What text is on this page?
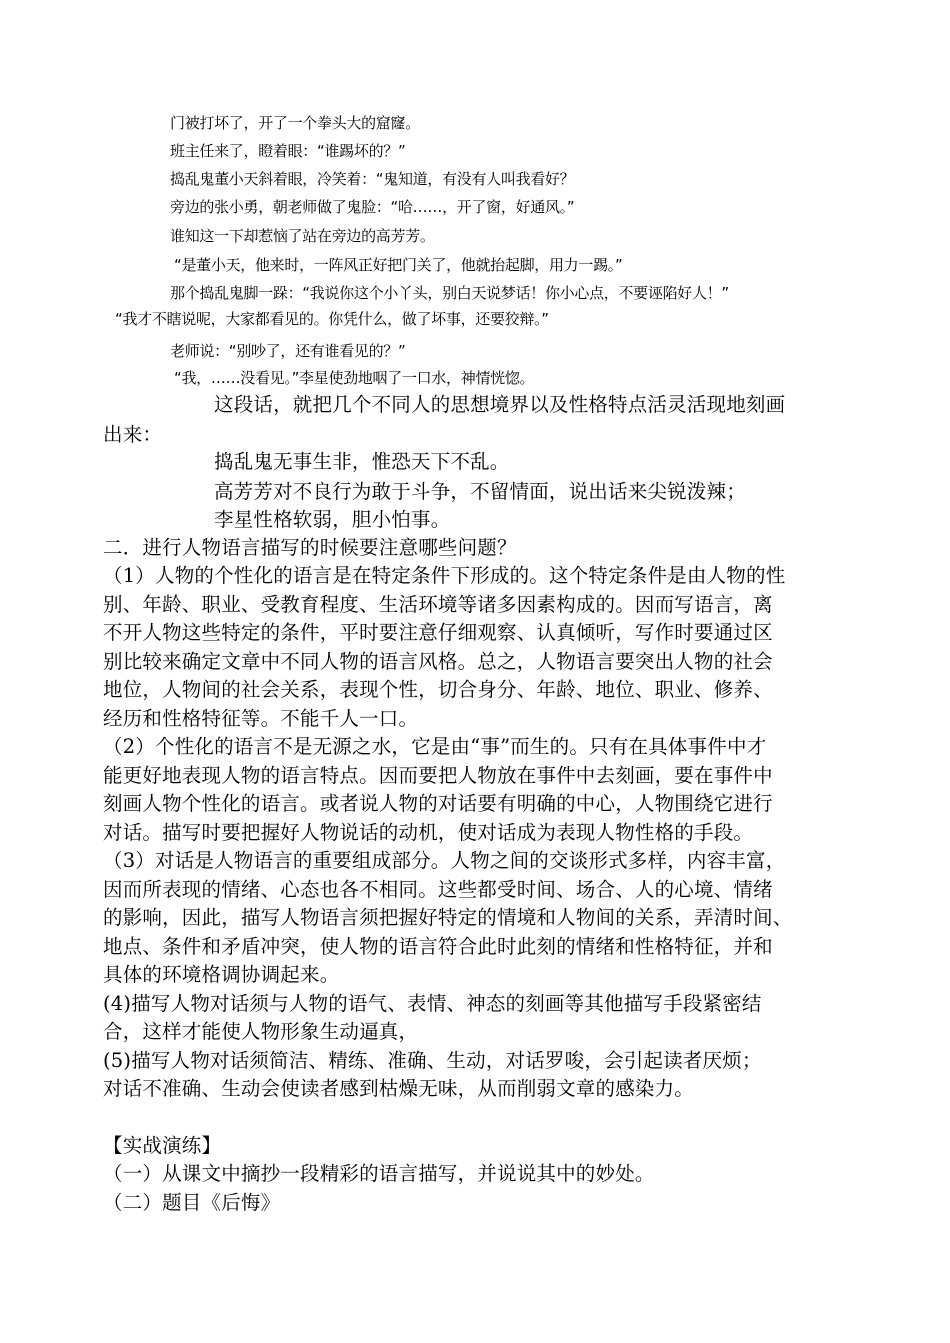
门被打坏了，开了一个拳头大的窟窿。
班主任来了，瞪着眼：“谁踢坏的？”
捣乱鬼董小天斜着眼，冷笑着：“鬼知道，有没有人叫我看好？
旁边的张小勇，朝老师做了鬼脸：“哈……，开了窗，好通风。”
谁知这一下却惹恼了站在旁边的高芳芳。
“是董小天，他来时，一阵风正好把门关了，他就抬起脚，用力一踢。”
那个捣乱鬼脚一跺：“我说你这个小丫头，别白天说梦话！你小心点，不要诬陷好人！”
“我才不瞎说呢，大家都看见的。你凭什么，做了坏事，还要狡辩。”
老师说：“别吵了，还有谁看见的？”
“我，……没看见。”李星使劲地咽了一口水，神情恍惚。
这段话，就把几个不同人的思想境界以及性格特点活灵活现地刻画
出来：
捣乱鬼无事生非，惟恐天下不乱。
高芳芳对不良行为敢于斗争，不留情面，说出话来尖锐泼辣；
李星性格软弱，胆小怕事。
二．进行人物语言描写的时候要注意哪些问题？
（1）人物的个性化的语言是在特定条件下形成的。这个特定条件是由人物的性
别、年龄、职业、受教育程度、生活环境等诸多因素构成的。因而写语言，离
不开人物这些特定的条件，平时要注意仔细观察、认真倾听，写作时要通过区
别比较来确定文章中不同人物的语言风格。总之，人物语言要突出人物的社会
地位，人物间的社会关系，表现个性，切合身分、年龄、地位、职业、修养、
经历和性格特征等。不能千人一口。
（2）个性化的语言不是无源之水，它是由“事”而生的。只有在具体事件中才
能更好地表现人物的语言特点。因而要把人物放在事件中去刻画，要在事件中
刻画人物个性化的语言。或者说人物的对话要有明确的中心，人物围绕它进行
对话。描写时要把握好人物说话的动机，使对话成为表现人物性格的手段。
（3）对话是人物语言的重要组成部分。人物之间的交谈形式多样，内容丰富，
因而所表现的情绪、心态也各不相同。这些都受时间、场合、人的心境、情绪
的影响，因此，描写人物语言须把握好特定的情境和人物间的关系，弄清时间、
地点、条件和矛盾冲突，使人物的语言符合此时此刻的情绪和性格特征，并和
具体的环境格调协调起来。
(4)描写人物对话须与人物的语气、表情、神态的刻画等其他描写手段紧密结
合，这样才能使人物形象生动逼真，
(5)描写人物对话须简洁、精练、准确、生动，对话罗唆，会引起读者厌烦；
对话不准确、生动会使读者感到枯燥无味，从而削弱文章的感染力。
【实战演练】
（一）从课文中摘抄一段精彩的语言描写，并说说其中的妙处。
（二）题目《后悔》
